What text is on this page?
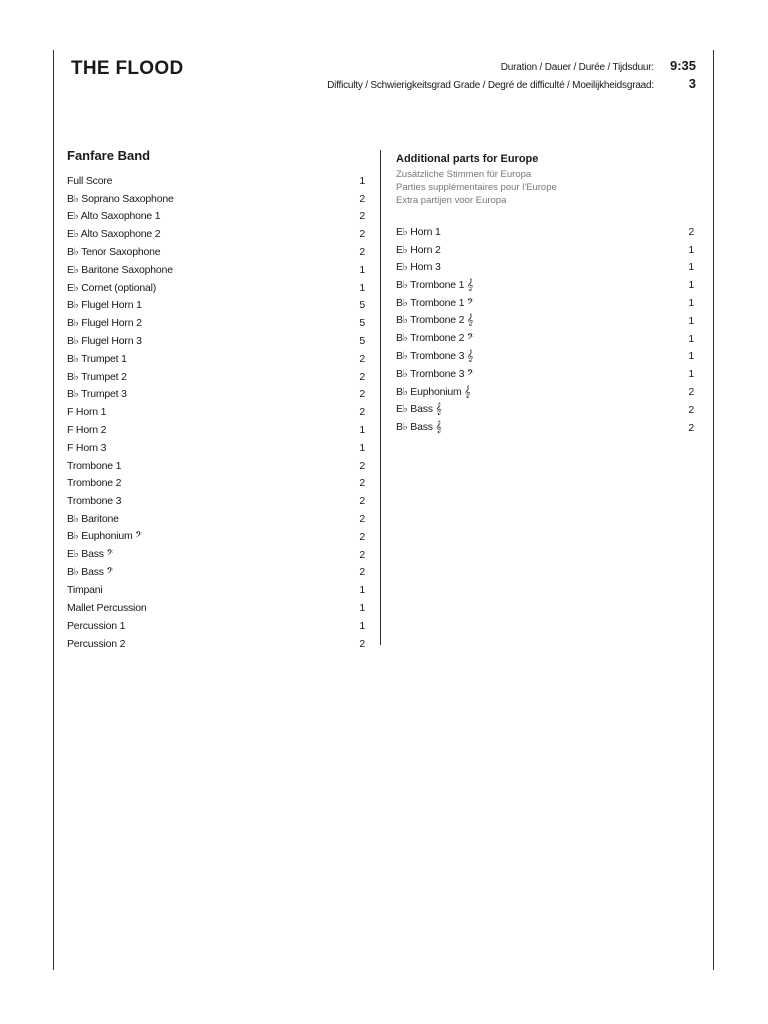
THE FLOOD	Duration / Dauer / Durée / Tijdsduur:	9:35
Difficulty / Schwierigkeitsgrad Grade / Degré de difficulté / Moeilijkheidsgraad:	3
Fanfare Band
Full Score	1
B♭ Soprano Saxophone	2
E♭ Alto Saxophone 1	2
E♭ Alto Saxophone 2	2
B♭ Tenor Saxophone	2
E♭ Baritone Saxophone	1
E♭ Cornet (optional)	1
B♭ Flugel Horn 1	5
B♭ Flugel Horn 2	5
B♭ Flugel Horn 3	5
B♭ Trumpet 1	2
B♭ Trumpet 2	2
B♭ Trumpet 3	2
F Horn 1	2
F Horn 2	1
F Horn 3	1
Trombone 1	2
Trombone 2	2
Trombone 3	2
B♭ Baritone	2
B♭ Euphonium 𝄢	2
E♭ Bass 𝄢	2
B♭ Bass 𝄢	2
Timpani	1
Mallet Percussion	1
Percussion 1	1
Percussion 2	2
Additional parts for Europe
Zusätzliche Stimmen für Europa
Parties supplémentaires pour l'Europe
Extra partijen voor Europa
E♭ Horn 1	2
E♭ Horn 2	1
E♭ Horn 3	1
B♭ Trombone 1 𝄞	1
B♭ Trombone 1 𝄢	1
B♭ Trombone 2 𝄞	1
B♭ Trombone 2 𝄢	1
B♭ Trombone 3 𝄞	1
B♭ Trombone 3 𝄢	1
B♭ Euphonium 𝄞	2
E♭ Bass 𝄞	2
B♭ Bass 𝄞	2
